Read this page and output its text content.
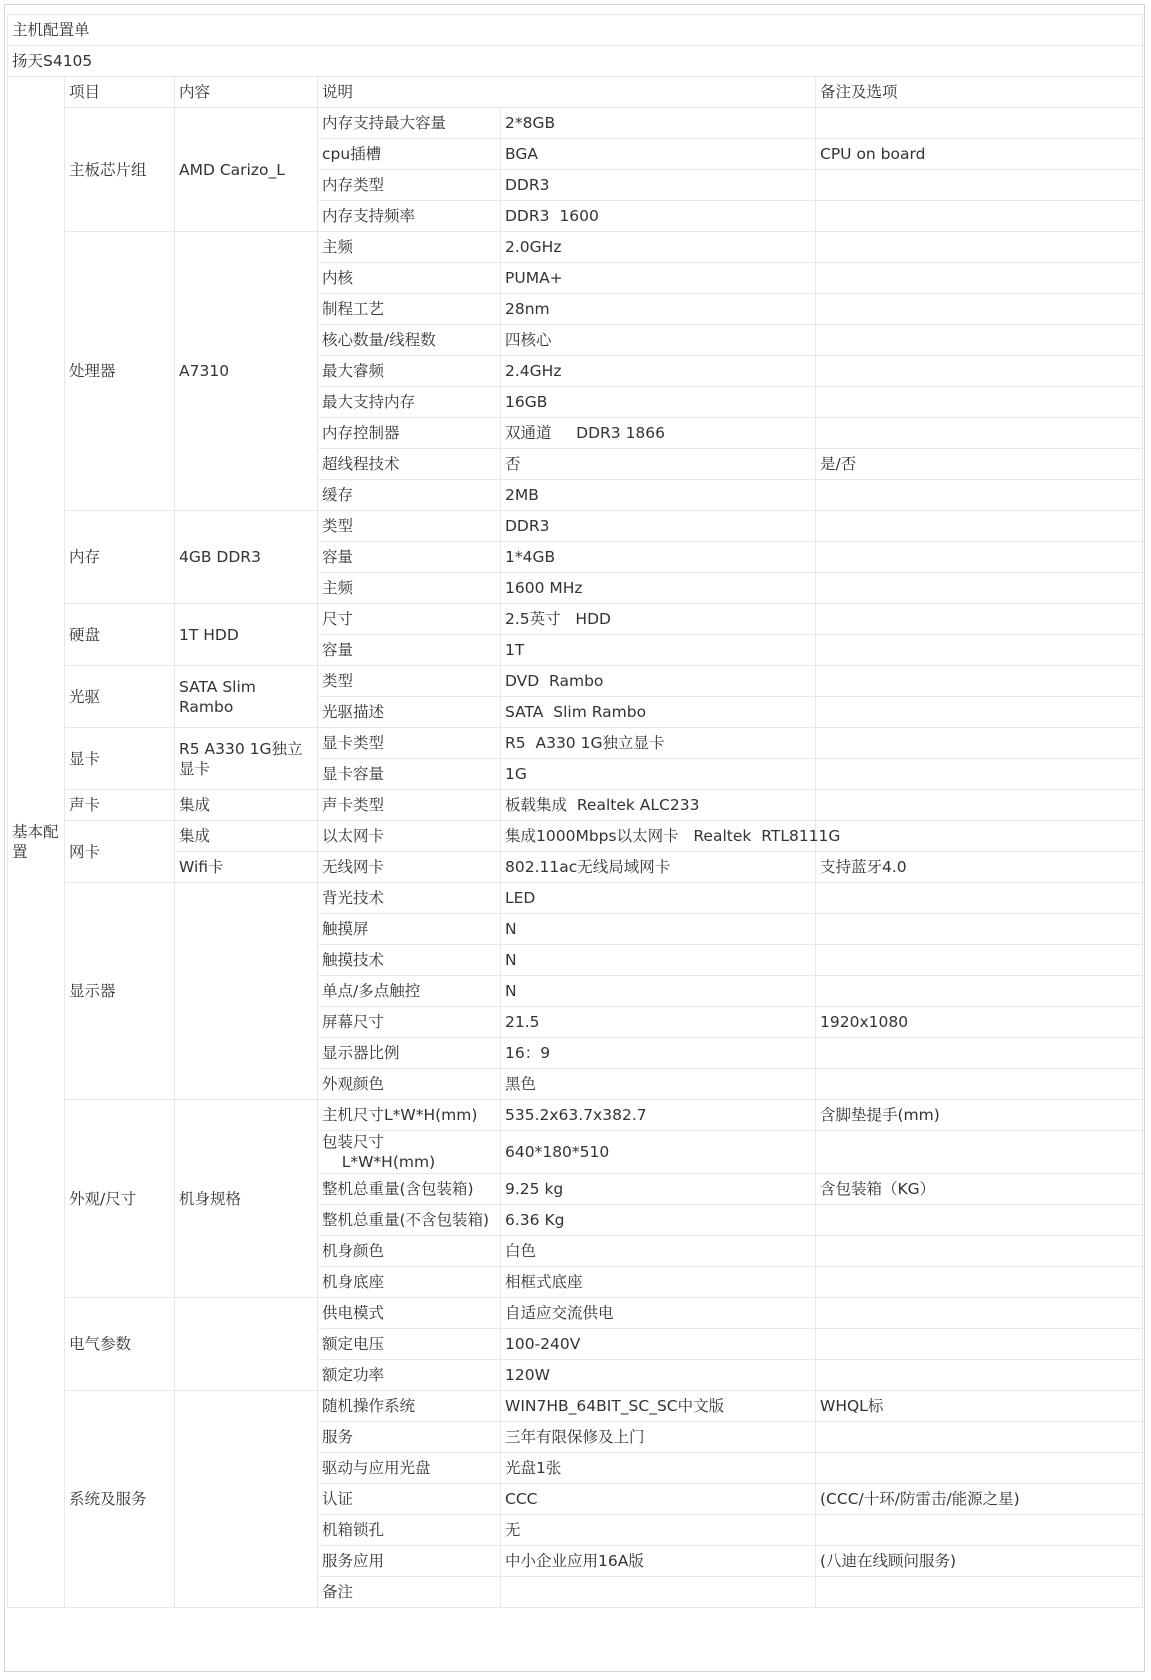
主机配置单					
扬天S4105					
基本配置	项目	内容	说明		备注及选项
	主板芯片组	AMD Carizo_L	内存支持最大容量	2*8GB	
			cpu插槽	BGA	CPU on board
			内存类型	DDR3	
			内存支持频率	DDR3  1600	
	处理器	A7310	主频	2.0GHz	
			内核	PUMA+	
			制程工艺	28nm	
			核心数量/线程数	四核心	
			最大睿频	2.4GHz	
			最大支持内存	16GB	
			内存控制器	双通道     DDR3 1866	
			超线程技术	否	是/否
			缓存	2MB	
	内存	4GB DDR3	类型	DDR3	
			容量	1*4GB	
			主频	1600 MHz	
	硬盘	1T HDD	尺寸	2.5英寸   HDD	
			容量	1T	
	光驱	SATA Slim Rambo	类型	DVD  Rambo	
			光驱描述	SATA  Slim Rambo	
	显卡	R5 A330 1G独立显卡	显卡类型	R5  A330 1G独立显卡	
			显卡容量	1G	
	声卡	集成	声卡类型	板载集成  Realtek ALC233	
	网卡	集成	以太网卡	集成1000Mbps以太网卡   Realtek  RTL8111G	
		Wifi卡	无线网卡	802.11ac无线局域网卡	支持蓝牙4.0
	显示器		背光技术	LED	
			触摸屏	N	
			触摸技术	N	
			单点/多点触控	N	
			屏幕尺寸	21.5	1920x1080
			显示器比例	16：9	
			外观颜色	黑色	
	外观/尺寸	机身规格	主机尺寸L*W*H(mm)	535.2x63.7x382.7	含脚垫提手(mm)
			包装尺寸
L*W*H(mm)	640*180*510	
			整机总重量(含包装箱)	9.25 kg	含包装箱（KG）
			整机总重量(不含包装箱)	6.36 Kg	
			机身颜色	白色	
			机身底座	相框式底座	
	电气参数		供电模式	自适应交流供电	
			额定电压	100-240V	
			额定功率	120W	
	系统及服务		随机操作系统	WIN7HB_64BIT_SC_SC中文版	WHQL标
			服务	三年有限保修及上门	
			驱动与应用光盘	光盘1张	
			认证	CCC	(CCC/十环/防雷击/能源之星)
			机箱锁孔	无	
			服务应用	中小企业应用16A版	(八迪在线顾问服务)
			备注		
